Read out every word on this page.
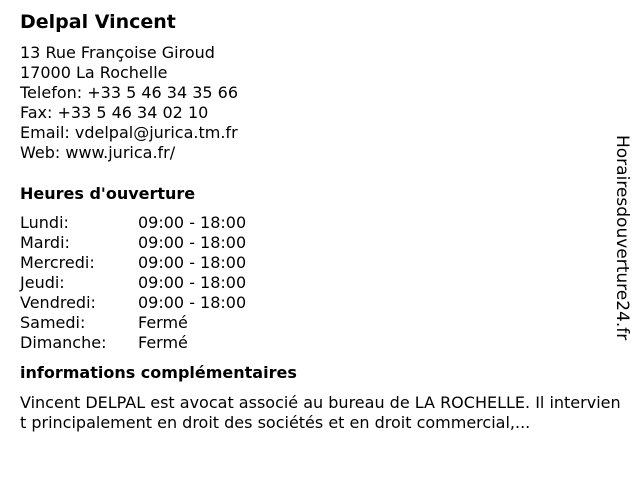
Delpal Vincent
13 Rue Françoise Giroud
17000 La Rochelle
Telefon: +33 5 46 34 35 66
Fax: +33 5 46 34 02 10
Email: vdelpal@jurica.tm.fr
Web: www.jurica.fr/
Heures d'ouverture
Lundi:	09:00 - 18:00
Mardi:	09:00 - 18:00
Mercredi:	09:00 - 18:00
Jeudi:	09:00 - 18:00
Vendredi:	09:00 - 18:00
Samedi:	Fermé
Dimanche:	Fermé
informations complémentaires
Vincent DELPAL est avocat associé au bureau de LA ROCHELLE. Il intervient principalement en droit des sociétés et en droit commercial,...
Horairesdouverture24.fr
